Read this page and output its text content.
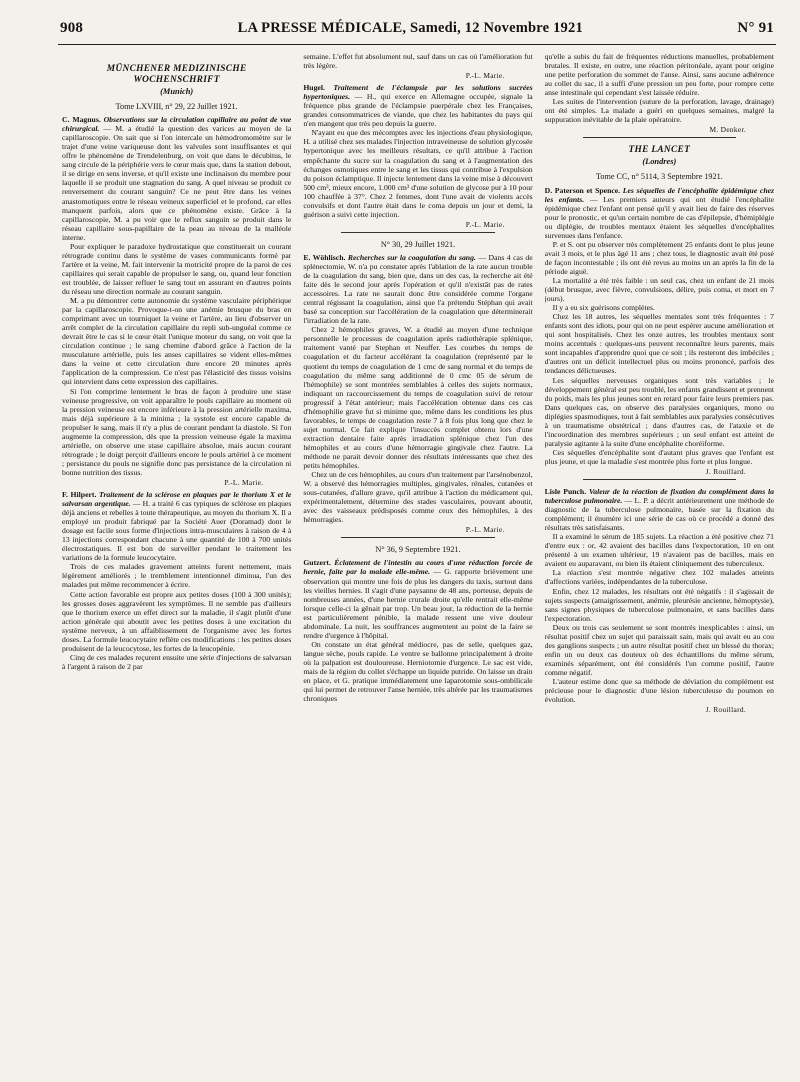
908	LA PRESSE MÉDICALE, Samedi, 12 Novembre 1921	N° 91
MÜNCHENER MEDIZINISCHE
WOCHENSCHRIFT
(Munich)
Tome LXVIII, n° 29, 22 Juillet 1921.

C. Magnus. Observations sur la circulation capillaire au point de vue chirurgical. — M. a étudié la question des varices au moyen de la capillaroscopie. On sait que si l'on intercale un hémodromomètre sur le trajet d'une veine variqueuse dont les valvules sont insuffisantes et qui offre le phénomène de Trendelenburg, on voit que dans le décubitus, le sang circule de la périphérie vers le cœur mais que, dans la station debout, il se dirige en sens inverse, et qu'il existe une inclinaison du membre pour laquelle il se produit une stagnation du sang. A quel niveau se produit ce renversement du courant sanguin? Ce ne peut être dans les veines anastomotiques entre le réseau veineux superficiel et le profond, car elles manquent parfois, alors que ce phénomène existe. Grâce à la capillaroscopie, M. a pu voir que le reflux sanguin se produit dans le réseau capillaire sous-papillaire de la peau au niveau de la malléole interne.

Pour expliquer le paradoxe hydrostatique que constituerait un courant rétrograde continu dans le système de vases communicants formé par l'artère et la veine, M. fait intervenir la motricité propre de la paroi de ces capillaires qui serait capable de propulser le sang, ou, quand leur fonction est troublée, de laisser refluer le sang tout en assurant en d'autres points du réseau une direction normale au courant sanguin.

M. a pu démontrer cette autonomie du système vasculaire périphérique par la capillaroscopie. Provoque-t-on une anémie brusque du bras en comprimant avec un tourniquet la veine et l'artère, au lieu d'observer un arrêt complet de la circulation capillaire du repli sub-unguéal comme ce devrait être le cas si le cœur était l'unique moteur du sang, on voit que la circulation continue ; le sang chemine d'abord grâce à l'action de la musculature artérielle, puis les anses capillaires se vident elles-mêmes dans la veine et cette circulation dure encore 20 minutes après l'application de la compression. Ce n'est pas l'élasticité des tissus voisins qui intervient dans cette expression des capillaires.

Si l'on comprime lentement le bras de façon à produire une stase veineuse progressive, on voit apparaître le pouls capillaire au moment où la pression veineuse est encore inférieure à la pression artérielle maxima, mais déjà supérieure à la minima ; la systole est encore capable de propulser le sang, mais il n'y a plus de courant pendant la diastole. Si l'on augmente la compression, dès que la pression veineuse égale la maxima artérielle, on observe une stase capillaire absolue, mais aucun courant rétrograde ; le doigt perçoit d'ailleurs encore le pouls artériel à ce moment ; persistance du pouls ne signifie donc pas persistance de la circulation ni bonne nutrition des tissus.

P.-L. Marie.

F. Hilpert. Traitement de la sclérose en plaques par le thorium X et le salvarsan argentique. — H. a traité 6 cas typiques de sclérose en plaques déjà anciens et rebelles à toute thérapeutique, au moyen du thorium X. Il a employé un produit fabriqué par la Société Auer (Doramad) dont le dosage est facile sous forme d'injections intra-musculaires à raison de 4 à 13 injections correspondant chacune à une quantité de 100 à 700 unités électrostatiques. Il est bon de surveiller pendant le traitement les variations de la formule leucocytaire.

Trois de ces malades gravement atteints furent nettement, mais légèrement améliorés ; le tremblement intentionnel diminua, l'un des malades put même recommencer à écrire.

Cette action favorable est propre aux petites doses (100 à 300 unités); les grosses doses aggravèrent les symptômes. Il ne semble pas d'ailleurs que le thorium exerce un effet direct sur la maladie, il s'agit plutôt d'une action générale qui aboutit avec les petites doses à une excitation du système nerveux, à un affaiblissement de l'organisme avec les fortes doses. La formule leucocytaire reflète ces modifications : les petites doses produisent de la leucocytose, les fortes de la leucopénie.

Cinq de ces malades reçurent ensuite une série d'injections de salvarsan à l'argent à raison de 2 par

semaine. L'effet fut absolument nul, sauf dans un cas où l'amélioration fut très légère.

P.-L. Marie.

Hugel. Traitement de l'éclampsie par les solutions sucrées hypertoniques. — H., qui exerce en Allemagne occupée, signale la fréquence plus grande de l'éclampsie puerpérale chez les Françaises, grandes consommatrices de viande, que chez les habitantes du pays qui n'en mangent que très peu depuis la guerre.

N'ayant eu que des mécomptes avec les injections d'eau physiologique, H. a utilisé chez ses malades l'injection intraveineuse de solution glycosée hypertonique avec les meilleurs résultats, ce qu'il attribue à l'action empêchante du sucre sur la coagulation du sang et à l'augmentation des échanges osmotiques entre le sang et les tissus qui contribue à l'expulsion du poison éclamptique. Il injecte lentement dans la veine mise à découvert 500 cm³, mieux encore, 1.000 cm³ d'une solution de glycose pur à 10 pour 100 chauffée à 37°. Chez 2 femmes, dont l'une avait de violents accès convulsifs et dont l'autre était dans le coma depuis un jour et demi, la guérison a suivi cette injection.

P.-L. Marie.
N° 30, 29 Juillet 1921.

E. Wöhlisch. Recherches sur la coagulation du sang. — Dans 4 cas de splénectomie, W. n'a pu constater après l'ablation de la rate aucun trouble de la coagulation du sang, bien que, dans un des cas, la recherche ait été faite dès le second jour après l'opération et qu'il n'existât pas de rates accessoires. La rate ne saurait donc être considérée comme l'organe central régissant la coagulation, ainsi que l'a prétendu Stéphan qui avait basé sa conception sur l'accélération de la coagulation que déterminerait l'irradiation de la rate.

Chez 2 hémophiles graves, W. a étudié au moyen d'une technique personnelle le processus de coagulation après radiothérapie splénique, traitement vanté par Stephan et Neuffer. Les courbes du temps de coagulation et du facteur accélérant la coagulation (représenté par le quotient du temps de coagulation de 1 cmc de sang normal et du temps de coagulation du même sang additionné de 0 cmc 05 de sérum de l'hémophile) se sont montrées semblables à celles des sujets normaux, indiquant un raccourcissement du temps de coagulation suivi de retour progressif à l'état antérieur; mais l'accélération obtenue dans ces cas d'hémophilie grave fut si minime que, même dans les conditions les plus favorables, le temps de coagulation reste 7 à 8 fois plus long que chez le sujet normal. Ce fait explique l'insuccès complet obtenu lors d'une extraction dentaire faite après irradiation splénique chez l'un des hémophiles et au cours d'une hémorragie gingivale chez l'autre. La méthode ne parait devoir donner des résultats intéressants que chez des petits hémophiles.

Chez un de ces hémophiles, au cours d'un traitement par l'arsénobenzol, W. a observé des hémorragies multiples, gingivales, rénales, cutanées et sous-cutanées, d'allure grave, qu'il attribue à l'action du médicament qui, expérimentalement, détermine des stades vasculaires, pouvant aboutir, avec des vaisseaux prédisposés comme ceux des hémophiles, à des hémorragies.

P.-L. Marie.
N° 36, 9 Septembre 1921.

Gutzert. Éclatement de l'intestin au cours d'une réduction forcée de hernie, faite par la malade elle-même. — G. rapporte brièvement une observation qui montre une fois de plus les dangers du taxis, surtout dans les vieilles hernies. Il s'agit d'une paysanne de 48 ans, porteuse, depuis de nombreuses années, d'une hernie crurale droite qu'elle rentrait elle-même lorsque celle-ci la gênait par trop. Un beau jour, la réduction de la hernie est particulièrement pénible, la malade ressent une vive douleur abdominale. La nuit, les souffrances augmentent au point de la faire se rendre d'urgence à l'hôpital.

On constate un état général médiocre, pas de selle, quelques gaz, langue sèche, pouls rapide. Le ventre se ballonne principalement à droite où la palpation est douloureuse. Herniotomie d'urgence. Le sac est vide, mais de la région du collet s'échappe un liquide putride. On laisse un drain en place, et G. pratique immédiatement une laparotomie sous-ombilicale qui lui permet de retrouver l'anse herniée, très altérée par les traumatismes chroniques

qu'elle a subis du fait de fréquentes réductions manuelles, probablement brutales. Il existe, en outre, une réaction péritonéale, ayant pour origine une petite perforation du sommet de l'anse. Ainsi, sans aucune adhérence au collet du sac, il a suffi d'une pression un peu forte, pour rompre cette anse intestinale qui cependant s'est laissée réduire.

Les suites de l'intervention (suture de la perforation, lavage, drainage) ont été simples. La malade a guéri en quelques semaines, malgré la suppuration inévitable de la plaie opératoire.

M. Denker.
THE LANCET
(Londres)
Tome CC, n° 5114, 3 Septembre 1921.

D. Paterson et Spence. Les séquelles de l'encéphalite épidémique chez les enfants. — Les premiers auteurs qui ont étudié l'encéphalite épidémique chez l'enfant ont pensé qu'il y avait lieu de faire des réserves pour le pronostic, et qu'un certain nombre de cas d'épilepsie, d'hémiplégie ou diplégie, de troubles mentaux étaient les séquelles d'encéphalites survenues dans l'enfance.

P. et S. ont pu observer très complètement 25 enfants dont le plus jeune avait 3 mois, et le plus âgé 11 ans ; chez tous, le diagnostic avait été posé de façon incontestable ; ils ont été revus au moins un an après la fin de la période aiguë.

La mortalité a été très faible : un seul cas, chez un enfant de 21 mois (début brusque, avec fièvre, convulsions, délire, puis coma, et mort en 7 jours).

Il y a eu six guérisons complètes.

Chez les 18 autres, les séquelles mentales sont très fréquentes : 7 enfants sont des idiots, pour qui on ne peut espérer aucune amélioration et qui sont hospitalisés. Chez les onze autres, les troubles mentaux sont moins accentués : quelques-uns peuvent reconnaître leurs parents, mais sont incapables d'apprendre quoi que ce soit ; ils resteront des imbéciles ; d'autres ont un déficit intellectuel plus ou moins prononcé, parfois des tendances délictueuses.

Les séquelles nerveuses organiques sont très variables ; le développement général est peu troublé, les enfants grandissent et prennent du poids, mais les plus jeunes sont en retard pour faire leurs premiers pas. Dans quelques cas, on observe des paralysies organiques, mono ou diplégies spasmodiques, tout à fait semblables aux paralysies consécutives à un traumatisme obstétrical ; dans d'autres cas, de l'ataxie et de l'incoordination des membres supérieurs ; un seul enfant est atteint de paralysie agitante à la suite d'une encéphalite choréiforme.

Ces séquelles d'encéphalite sont d'autant plus graves que l'enfant est plus jeune, et que la maladie s'est montrée plus forte et plus longue.

J. Rouillard.

Lisle Punch. Valeur de la réaction de fixation du complément dans la tuberculose pulmonaire. — L. P. a décrit antérieurement une méthode de diagnostic de la tuberculose pulmonaire, basée sur la fixation du complément; il énumère ici une série de cas où ce procédé a donné des résultats très satisfaisants.

Il a examiné le sérum de 185 sujets. La réaction a été positive chez 71 d'entre eux : or, 42 avaient des bacilles dans l'expectoration, 10 en ont présenté à un examen ultérieur, 19 n'avaient pas de bacilles, mais en avaient eu auparavant, ou bien ils étaient cliniquement des tuberculeux.

La réaction s'est montrée négative chez 102 malades atteints d'affections variées, indépendantes de la tuberculose.

Enfin, chez 12 malades, les résultats ont été négatifs : il s'agissait de sujets suspects (amaigrissement, anémie, pleurésie ancienne, hémoptysie), sans signes physiques de tuberculose pulmonaire, et sans bacilles dans l'expectoration.

Deux ou trois cas seulement se sont montrés inexplicables : ainsi, un résultat positif chez un sujet qui paraissait sain, mais qui avait eu au cou des ganglions suspects ; un autre résultat positif chez un blessé du thorax; enfin un ou deux cas douteux où des échantillons du même sérum, examinés séparément, ont été considérés l'un comme positif, l'autre comme négatif.

L'auteur estime donc que sa méthode de déviation du complément est précieuse pour le diagnostic d'une lésion tuberculeuse du poumon en évolution.

J. Rouillard.
